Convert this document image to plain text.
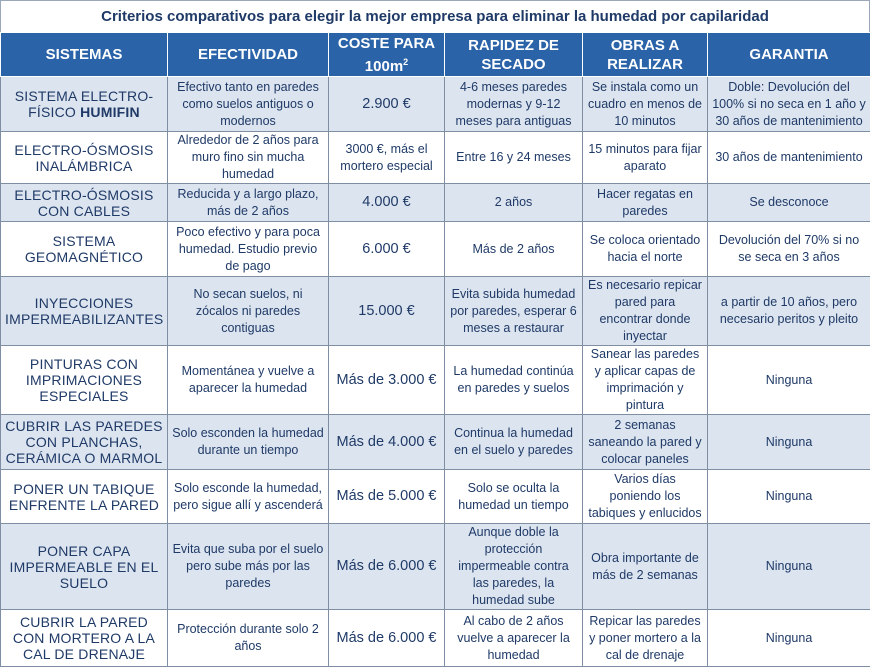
Criterios comparativos para elegir la mejor empresa para eliminar la humedad por capilaridad
SISTEMAS	EFECTIVIDAD	COSTE PARA $100m^2$	RAPIDEZ DE SECADO	OBRAS A REALIZAR	GARANTIA
SISTEMA ELECTRO-FÍSICO HUMIFIN	Efectivo tanto en paredes como suelos antiguos o modernos	2.900 €	4-6 meses paredes modernas y 9-12 meses para antiguas	Se instala como un cuadro en menos de 10 minutos	Doble: Devolución del 100% si no seca en 1 año y 30 años de mantenimiento
ELECTRO-ÓSMOSIS INALÁMBRICA	Alrededor de 2 años para muro fino sin mucha humedad	3000 €, más el mortero especial	Entre 16 y 24 meses	15 minutos para fijar aparato	30 años de mantenimiento
ELECTRO-ÓSMOSIS CON CABLES	Reducida y a largo plazo, más de 2 años	4.000 €	2 años	Hacer regatas en paredes	Se desconoce
SISTEMA GEOMAGNÉTICO	Poco efectivo y para poca humedad. Estudio previo de pago	6.000 €	Más de 2 años	Se coloca orientado hacia el norte	Devolución del 70% si no se seca en 3 años
INYECCIONES IMPERMEABILIZANTES	No secan suelos, ni zócalos ni paredes contiguas	15.000 €	Evita subida humedad por paredes, esperar 6 meses a restaurar	Es necesario repicar pared para encontrar donde inyectar	a partir de 10 años, pero necesario peritos y pleito
PINTURAS CON IMPRIMACIONES ESPECIALES	Momentánea y vuelve a aparecer la humedad	Más de 3.000 €	La humedad continúa en paredes y suelos	Sanear las paredes y aplicar capas de imprimación y pintura	Ninguna
CUBRIR LAS PAREDES CON PLANCHAS, CERÁMICA O MARMOL	Solo esconden la humedad durante un tiempo	Más de 4.000 €	Continua la humedad en el suelo y paredes	2 semanas saneando la pared y colocar paneles	Ninguna
PONER UN TABIQUE ENFRENTE LA PARED	Solo esconde la humedad, pero sigue allí y ascenderá	Más de 5.000 €	Solo se oculta la humedad un tiempo	Varios días poniendo los tabiques y enlucidos	Ninguna
PONER CAPA IMPERMEABLE EN EL SUELO	Evita que suba por el suelo pero sube más por las paredes	Más de 6.000 €	Aunque doble la protección impermeable contra las paredes, la humedad sube	Obra importante de más de 2 semanas	Ninguna
CUBRIR LA PARED CON MORTERO A LA CAL DE DRENAJE	Protección durante solo 2 años	Más de 6.000 €	Al cabo de 2 años vuelve a aparecer la humedad	Repicar las paredes y poner mortero a la cal de drenaje	Ninguna
